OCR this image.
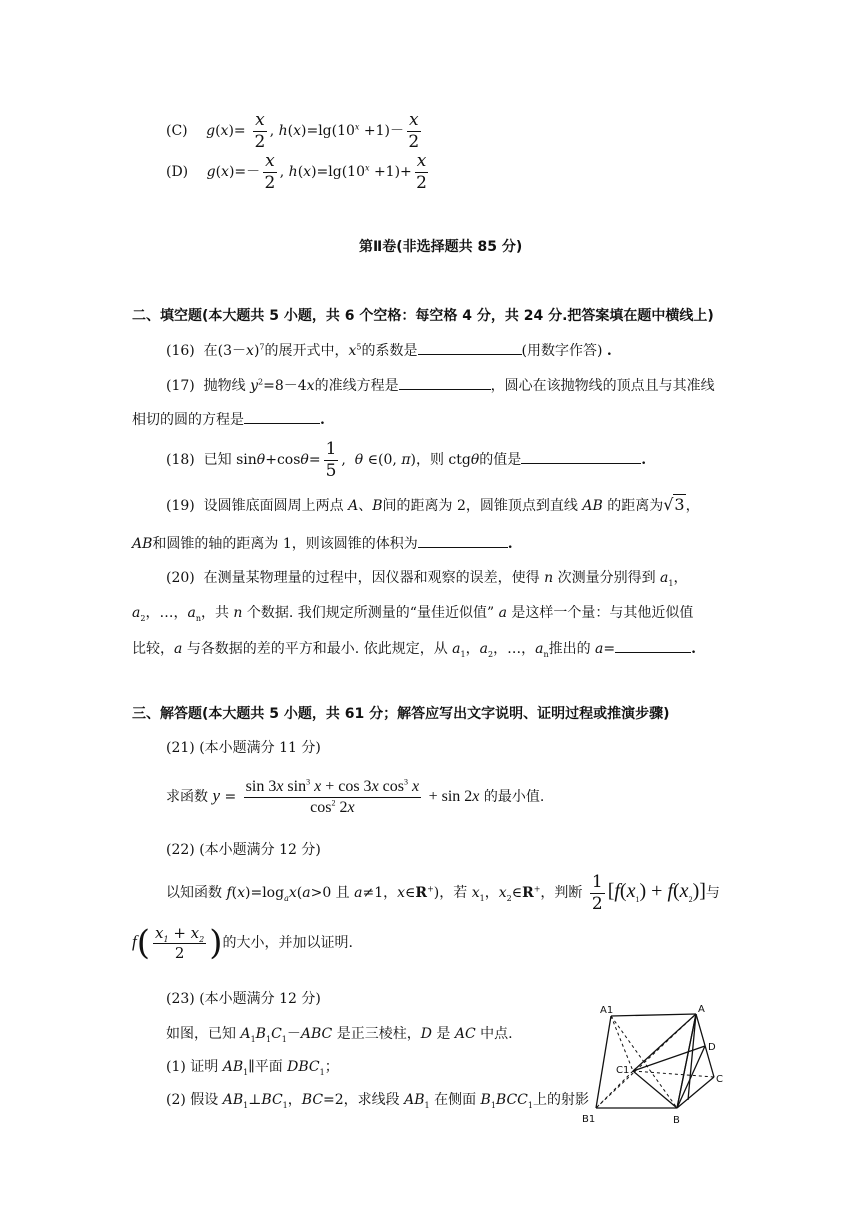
(C) $g(x)= \frac{x}{2}$ , $h(x)=\lg(10^x +1)- \frac{x}{2}$
(D) $g(x)=- \frac{x}{2}$ , $h(x)=\lg(10^x +1)+ \frac{x}{2}$
第Ⅱ卷(非选择题共 85 分)
二、填空题(本大题共 5 小题，共 6 个空格：每空格 4 分，共 24 分.把答案填在题中横线上)
(16) 在$(3-x)^7$的展开式中，$x^5$的系数是	(用数字作答) .
(17) 抛物线 $y^2=8-4x$的准线方程是	，圆心在该抛物线的顶点且与其准线
相切的圆的方程是	.
(18) 已知 $\sin\theta+\cos\theta= \frac{1}{5}$ ,  θ ∈(0, π)，则 ctgθ的值是	.
(19) 设圆锥底面圆周上两点 A、B间的距离为 2，圆锥顶点到直线 AB 的距离为√3，
AB和圆锥的轴的距离为 1，则该圆锥的体积为	.
(20) 在测量某物理量的过程中，因仪器和观察的误差，使得 n 次测量分别得到 $a_1$，
$a_2$，…，$a_n$，共 n 个数据. 我们规定所测量的“量佳近似值” a 是这样一个量：与其他近似值
比较，a 与各数据的差的平方和最小. 依此规定，从 $a_1$，$a_2$，…，$a_n$推出的 a=	.
三、解答题(本大题共 5 小题，共 61 分；解答应写出文字说明、证明过程或推演步骤)
(21) (本小题满分 11 分)
求函数 $y = \frac{\sin 3x \sin^3 x + \cos 3x \cos^3 x}{\cos^2 2x} + \sin 2x$ 的最小值.
(22) (本小题满分 12 分)
以知函数 $f(x)=\log_ax(a>0$ 且 a≠1，x∈R+)，若 $x_1$，$x_2\in R^+$，判断 $\frac{1}{2} [f(x_1) + f(x_2)]$与
$f( \frac{x_1 + x_2}{2}$ )的大小，并加以证明.
(23) (本小题满分 12 分)
如图，已知 $A_1B_1C_1-ABC$ 是正三棱柱，D 是 AC 中点.
(1) 证明 $AB_1\parallel$平面 $DBC_1$；
(2) 假设 $AB_1\perp BC_1$，BC=2，求线段 $AB_1$ 在侧面 $B_1BCC_1$上的射影
A1	A
D
C1
C
B1	B
